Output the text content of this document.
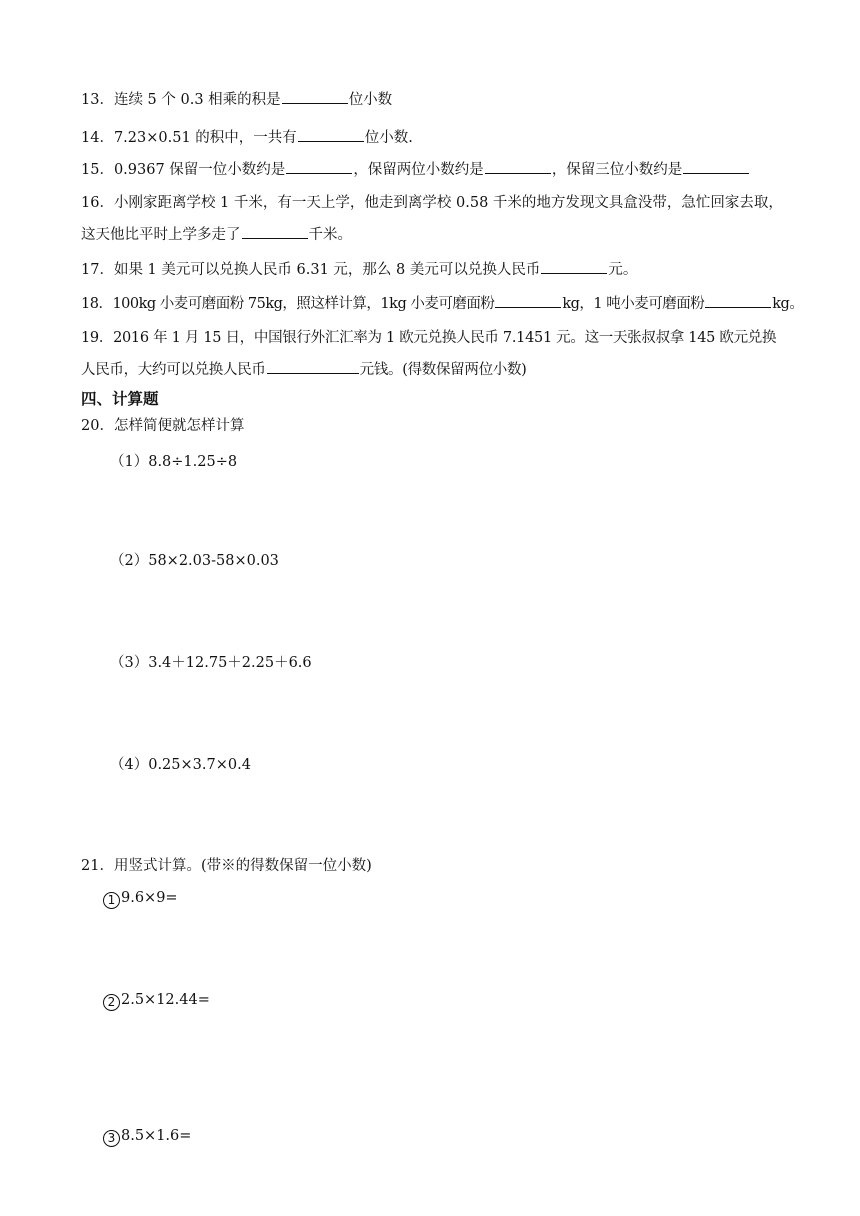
13．连续 5 个 0.3 相乘的积是	位小数
14．7.23×0.51 的积中，一共有	位小数.
15．0.9367 保留一位小数约是	，保留两位小数约是	，保留三位小数约是
16．小刚家距离学校 1 千米，有一天上学，他走到离学校 0.58 千米的地方发现文具盒没带，急忙回家去取，
这天他比平时上学多走了	千米。
17．如果 1 美元可以兑换人民币 6.31 元，那么 8 美元可以兑换人民币	元。
18．100kg 小麦可磨面粉 75kg，照这样计算，1kg 小麦可磨面粉	kg，1 吨小麦可磨面粉	kg。
19．2016 年 1 月 15 日，中国银行外汇汇率为 1 欧元兑换人民币 7.1451 元。这一天张叔叔拿 145 欧元兑换
人民币，大约可以兑换人民币	元钱。(得数保留两位小数)
四、计算题
20．怎样简便就怎样计算
（1）8.8÷1.25÷8
（2）58×2.03-58×0.03
（3）3.4＋12.75＋2.25＋6.6
（4）0.25×3.7×0.4
21．用竖式计算。(带※的得数保留一位小数)
1 9.6×9=
2 2.5×12.44=
3 8.5×1.6=
